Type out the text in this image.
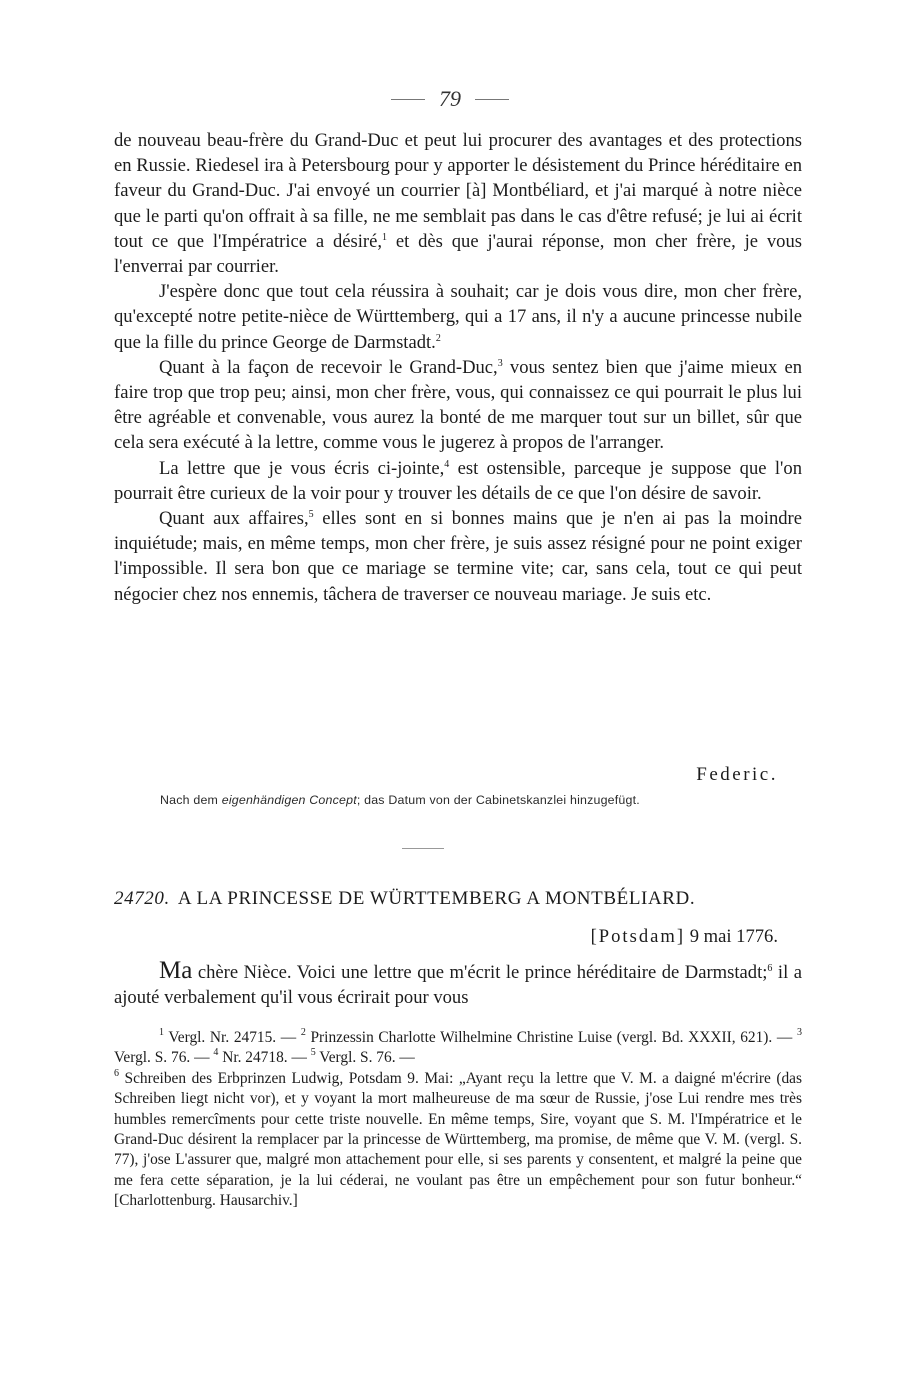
79

de nouveau beau-frère du Grand-Duc et peut lui procurer des avantages et des protections en Russie. Riedesel ira à Petersbourg pour y apporter le désistement du Prince héréditaire en faveur du Grand-Duc. J'ai envoyé un courrier [à] Montbéliard, et j'ai marqué à notre nièce que le parti qu'on offrait à sa fille, ne me semblait pas dans le cas d'être refusé; je lui ai écrit tout ce que l'Impératrice a désiré,$^1$ et dès que j'aurai réponse, mon cher frère, je vous l'enverrai par courrier.

J'espère donc que tout cela réussira à souhait; car je dois vous dire, mon cher frère, qu'excepté notre petite-nièce de Württemberg, qui a 17 ans, il n'y a aucune princesse nubile que la fille du prince George de Darmstadt.$^2$

Quant à la façon de recevoir le Grand-Duc,$^3$ vous sentez bien que j'aime mieux en faire trop que trop peu; ainsi, mon cher frère, vous, qui connaissez ce qui pourrait le plus lui être agréable et convenable, vous aurez la bonté de me marquer tout sur un billet, sûr que cela sera exécuté à la lettre, comme vous le jugerez à propos de l'arranger.

La lettre que je vous écris ci-jointe,$^4$ est ostensible, parceque je suppose que l'on pourrait être curieux de la voir pour y trouver les détails de ce que l'on désire de savoir.

Quant aux affaires,$^5$ elles sont en si bonnes mains que je n'en ai pas la moindre inquiétude; mais, en même temps, mon cher frère, je suis assez résigné pour ne point exiger l'impossible. Il sera bon que ce mariage se termine vite; car, sans cela, tout ce qui peut négocier chez nos ennemis, tâchera de traverser ce nouveau mariage. Je suis etc.

Federic.
Nach dem eigenhändigen Concept; das Datum von der Cabinetskanzlei hinzugefügt.
24720. A LA PRINCESSE DE WÜRTTEMBERG A MONTBÉLIARD.
[Potsdam] 9 mai 1776.

Ma chère Nièce. Voici une lettre que m'écrit le prince héréditaire de Darmstadt;$^6$ il a ajouté verbalement qu'il vous écrirait pour vous

$^1$ Vergl. Nr. 24715. — $^2$ Prinzessin Charlotte Wilhelmine Christine Luise (vergl. Bd. XXXII, 621). — $^3$ Vergl. S. 76. — $^4$ Nr. 24718. — $^5$ Vergl. S. 76. —

$^6$ Schreiben des Erbprinzen Ludwig, Potsdam 9. Mai: „Ayant reçu la lettre que V. M. a daigné m'écrire (das Schreiben liegt nicht vor), et y voyant la mort malheureuse de ma sœur de Russie, j'ose Lui rendre mes très humbles remercîments pour cette triste nouvelle. En même temps, Sire, voyant que S. M. l'Impératrice et le Grand-Duc désirent la remplacer par la princesse de Württemberg, ma promise, de même que V. M. (vergl. S. 77), j'ose L'assurer que, malgré mon attachement pour elle, si ses parents y consentent, et malgré la peine que me fera cette séparation, je la lui céderai, ne voulant pas être un empêchement pour son futur bonheur.“ [Charlottenburg. Hausarchiv.]
